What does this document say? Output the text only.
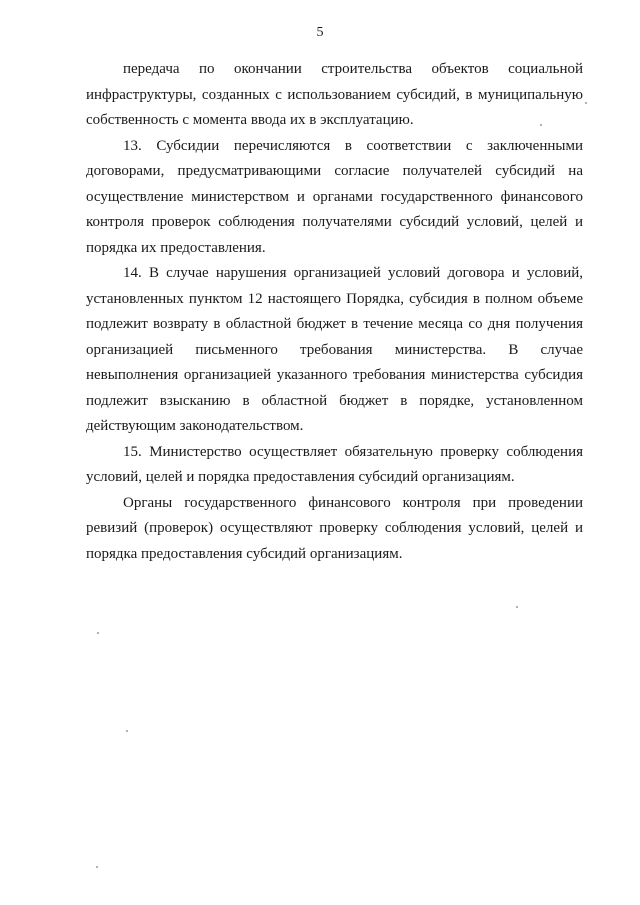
5

передача по окончании строительства объектов социальной инфраструктуры, созданных с использованием субсидий, в муниципальную собственность с момента ввода их в эксплуатацию.

13. Субсидии перечисляются в соответствии с заключенными договорами, предусматривающими согласие получателей субсидий на осуществление министерством и органами государственного финансового контроля проверок соблюдения получателями субсидий условий, целей и порядка их предоставления.

14. В случае нарушения организацией условий договора и условий, установленных пунктом 12 настоящего Порядка, субсидия в полном объеме подлежит возврату в областной бюджет в течение месяца со дня получения организацией письменного требования министерства. В случае невыполнения организацией указанного требования министерства субсидия подлежит взысканию в областной бюджет в порядке, установленном действующим законодательством.

15. Министерство осуществляет обязательную проверку соблюдения условий, целей и порядка предоставления субсидий организациям.

Органы государственного финансового контроля при проведении ревизий (проверок) осуществляют проверку соблюдения условий, целей и порядка предоставления субсидий организациям.
